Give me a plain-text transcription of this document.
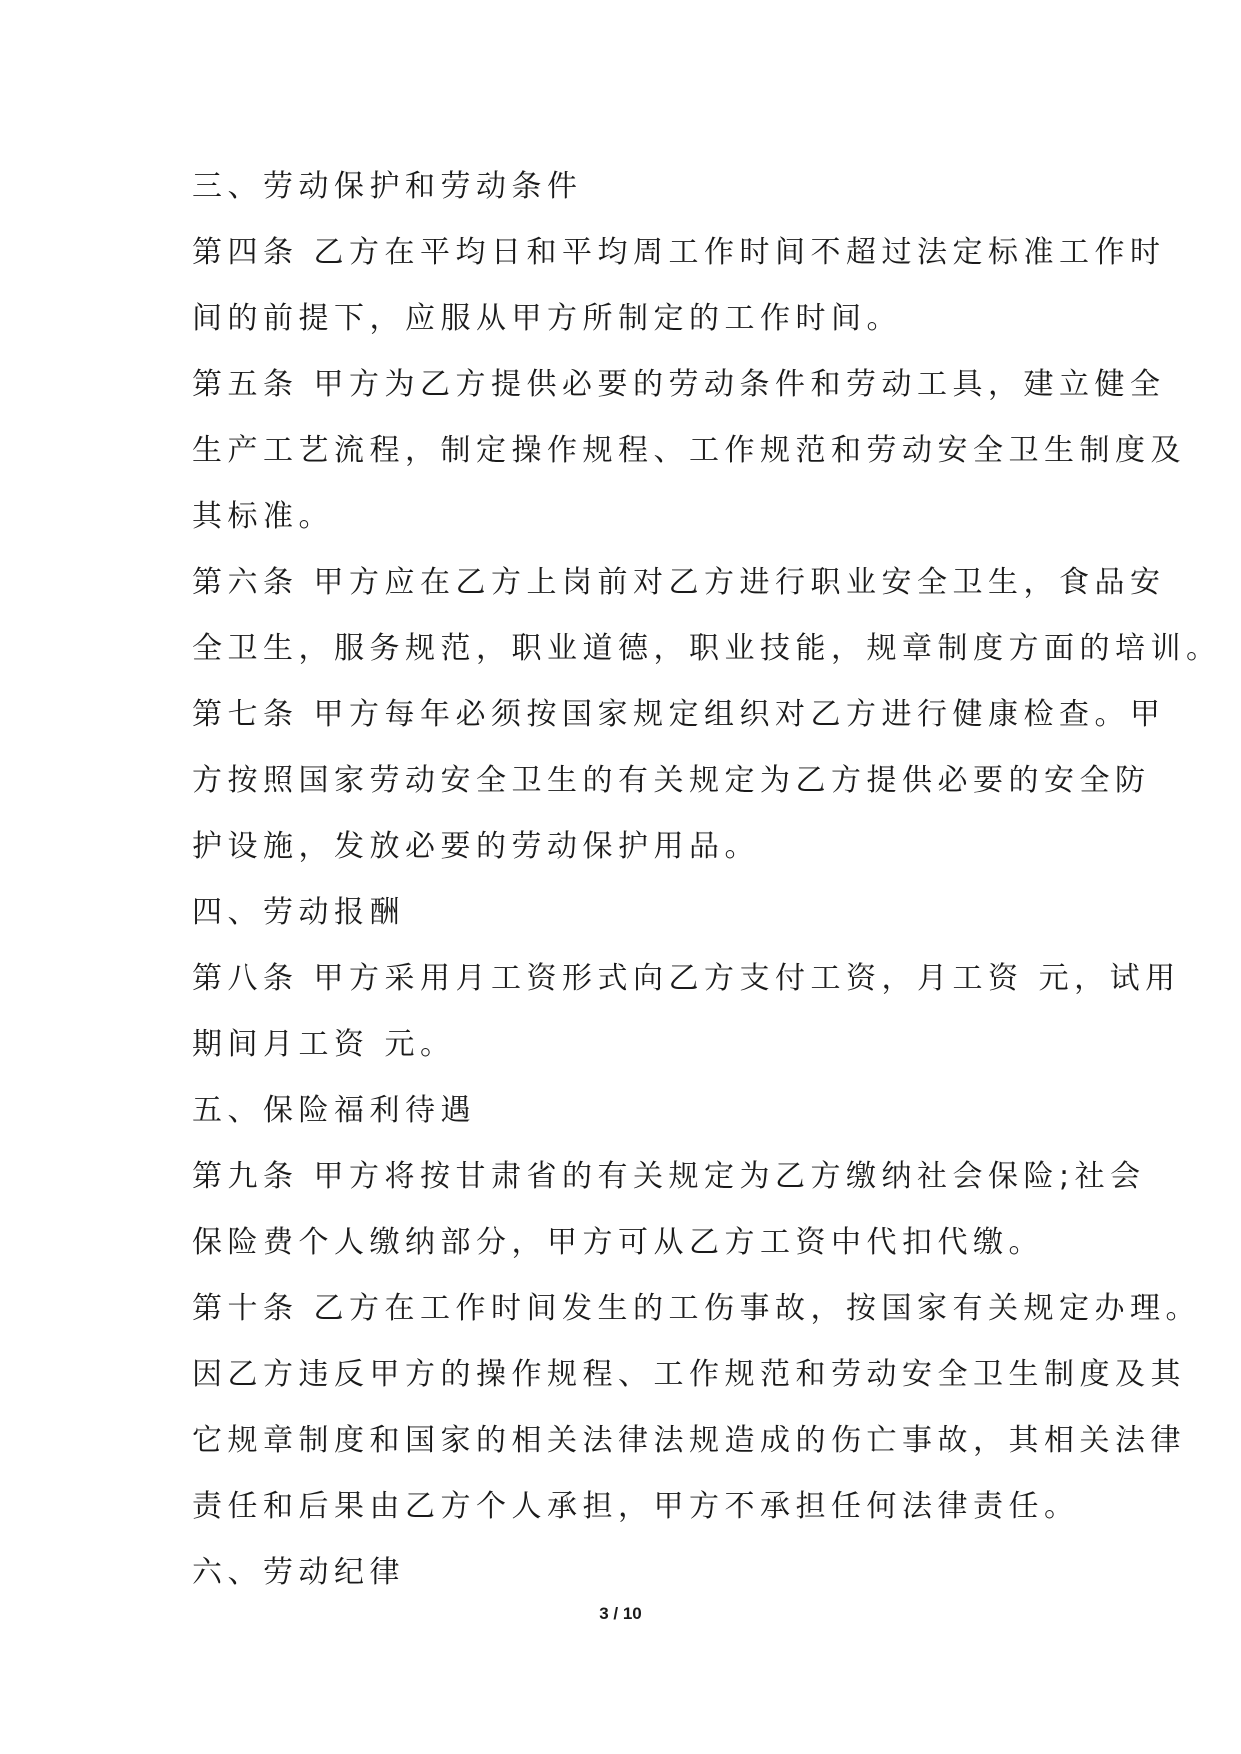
三、劳动保护和劳动条件
第四条 乙方在平均日和平均周工作时间不超过法定标准工作时
间的前提下，应服从甲方所制定的工作时间。
第五条 甲方为乙方提供必要的劳动条件和劳动工具，建立健全
生产工艺流程，制定操作规程、工作规范和劳动安全卫生制度及
其标准。
第六条 甲方应在乙方上岗前对乙方进行职业安全卫生，食品安
全卫生，服务规范，职业道德，职业技能，规章制度方面的培训。
第七条 甲方每年必须按国家规定组织对乙方进行健康检查。甲
方按照国家劳动安全卫生的有关规定为乙方提供必要的安全防
护设施，发放必要的劳动保护用品。
四、劳动报酬
第八条 甲方采用月工资形式向乙方支付工资，月工资 元，试用
期间月工资 元。
五、保险福利待遇
第九条 甲方将按甘肃省的有关规定为乙方缴纳社会保险;社会
保险费个人缴纳部分，甲方可从乙方工资中代扣代缴。
第十条 乙方在工作时间发生的工伤事故，按国家有关规定办理。
因乙方违反甲方的操作规程、工作规范和劳动安全卫生制度及其
它规章制度和国家的相关法律法规造成的伤亡事故，其相关法律
责任和后果由乙方个人承担，甲方不承担任何法律责任。
六、劳动纪律
3 / 10
